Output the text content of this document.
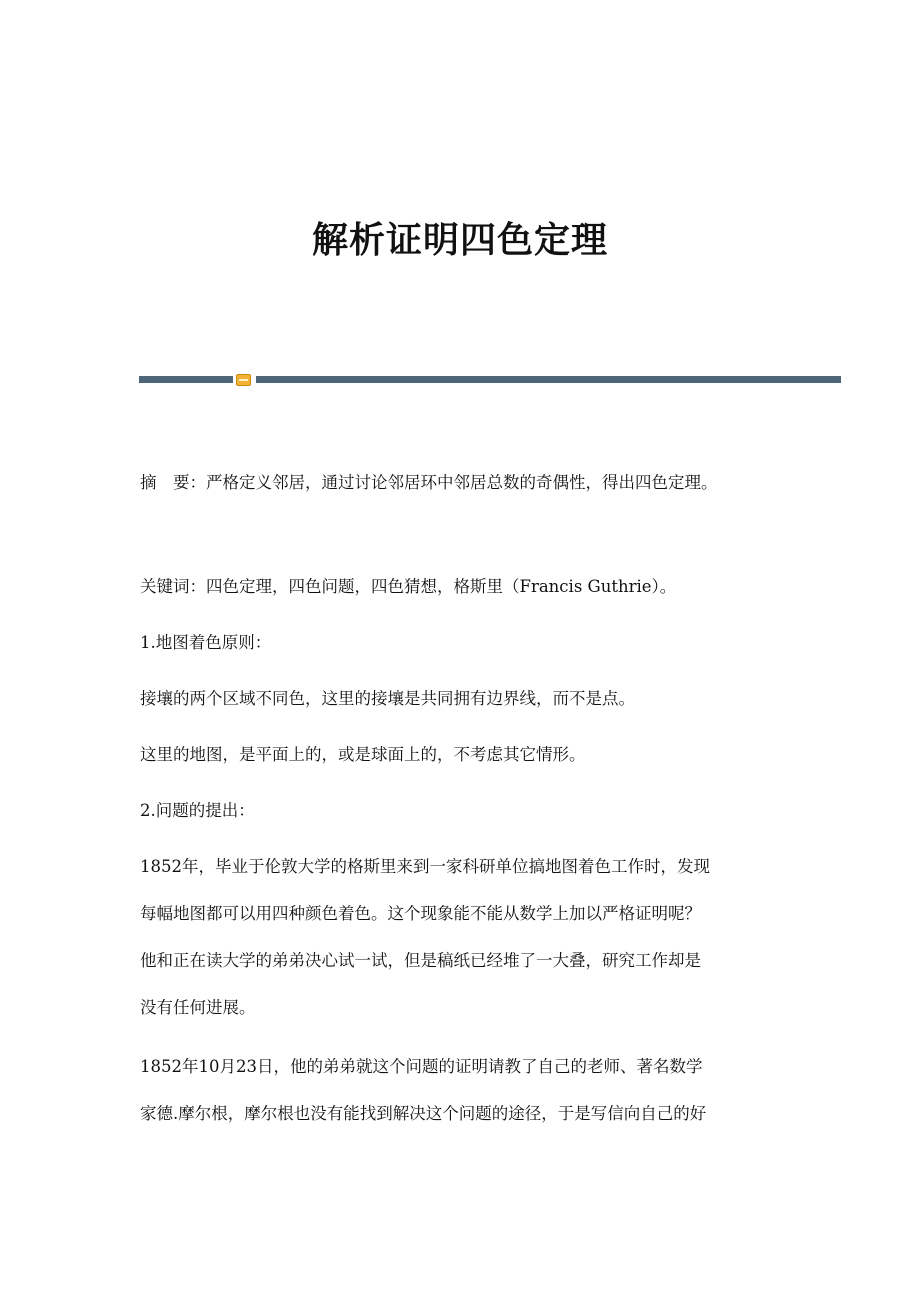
解析证明四色定理

摘　要：严格定义邻居，通过讨论邻居环中邻居总数的奇偶性，得出四色定理。

关键词：四色定理，四色问题，四色猜想，格斯里（Francis Guthrie）。

1.地图着色原则：

接壤的两个区域不同色，这里的接壤是共同拥有边界线，而不是点。

这里的地图，是平面上的，或是球面上的，不考虑其它情形。

2.问题的提出：

1852年，毕业于伦敦大学的格斯里来到一家科研单位搞地图着色工作时，发现

每幅地图都可以用四种颜色着色。这个现象能不能从数学上加以严格证明呢？

他和正在读大学的弟弟决心试一试，但是稿纸已经堆了一大叠，研究工作却是

没有任何进展。

1852年10月23日，他的弟弟就这个问题的证明请教了自己的老师、著名数学

家德.摩尔根，摩尔根也没有能找到解决这个问题的途径，于是写信向自己的好
